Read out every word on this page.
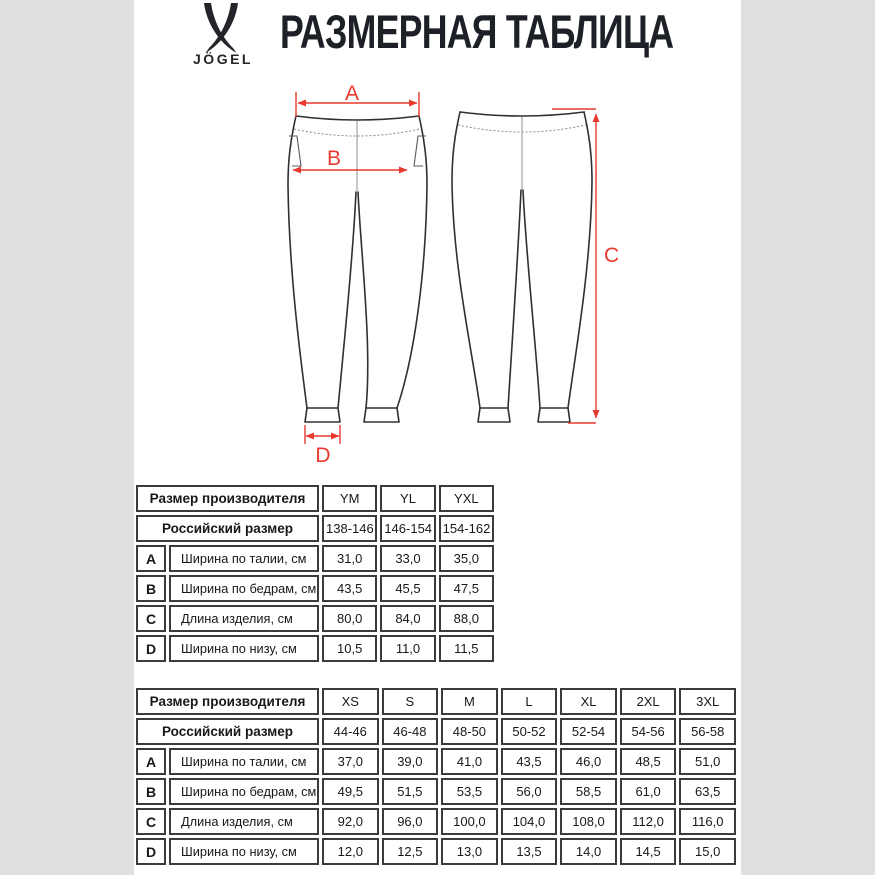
JÖGEL
РАЗМЕРНАЯ ТАБЛИЦА
A
B
C
D
Размер производителя		YM	YL	YXL
Российский размер		138-146	146-154	154-162
A	Ширина по талии, см	31,0	33,0	35,0
B	Ширина по бедрам, см	43,5	45,5	47,5
C	Длина изделия, см	80,0	84,0	88,0
D	Ширина по низу, см	10,5	11,0	11,5
Размер производителя		XS	S	M	L	XL	2XL	3XL
Российский размер		44-46	46-48	48-50	50-52	52-54	54-56	56-58
A	Ширина по талии, см	37,0	39,0	41,0	43,5	46,0	48,5	51,0
B	Ширина по бедрам, см	49,5	51,5	53,5	56,0	58,5	61,0	63,5
C	Длина изделия, см	92,0	96,0	100,0	104,0	108,0	112,0	116,0
D	Ширина по низу, см	12,0	12,5	13,0	13,5	14,0	14,5	15,0
